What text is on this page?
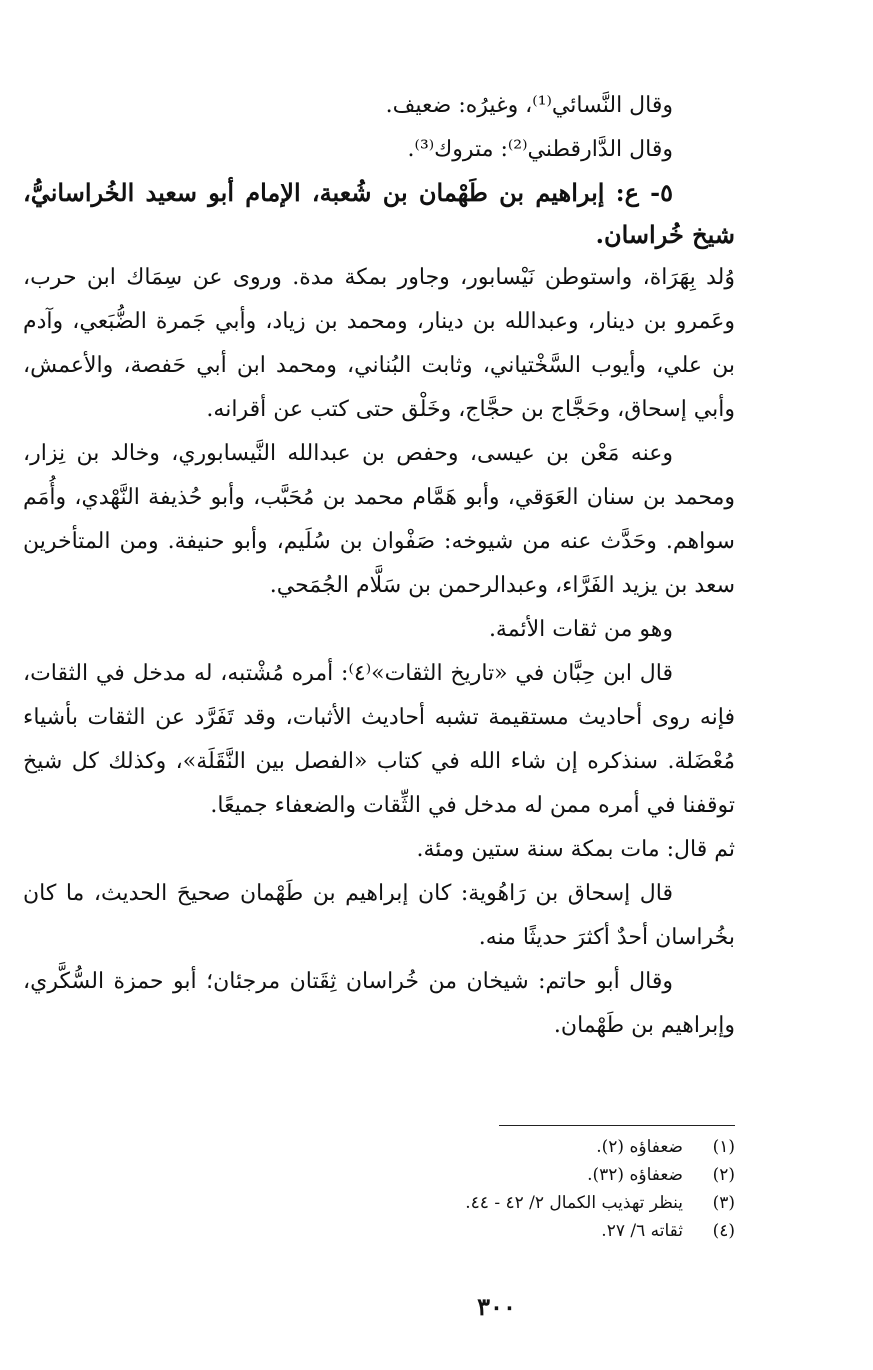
وقال النَّسائي⁽¹⁾، وغيرُه: ضعيف.

وقال الدَّارقطني⁽²⁾: متروك⁽³⁾.

٥- ع: إبراهيم بن طَهْمان بن شُعبة، الإمام أبو سعيد الخُراسانيُّ، شيخ خُراسان.

وُلد بِهَرَاة، واستوطن نَيْسابور، وجاور بمكة مدة. وروى عن سِمَاك ابن حرب، وعَمرو بن دينار، وعبدالله بن دينار، ومحمد بن زياد، وأبي جَمرة الضُّبَعي، وآدم بن علي، وأيوب السَّخْتياني، وثابت البُناني، ومحمد ابن أبي حَفصة، والأعمش، وأبي إسحاق، وحَجَّاج بن حجَّاج، وخَلْق حتى كتب عن أقرانه.

وعنه مَعْن بن عيسى، وحفص بن عبدالله النَّيسابوري، وخالد بن نِزار، ومحمد بن سنان العَوَقي، وأبو هَمَّام محمد بن مُحَبَّب، وأبو حُذيفة النَّهْدي، وأُمَم سواهم. وحَدَّث عنه من شيوخه: صَفْوان بن سُلَيم، وأبو حنيفة. ومن المتأخرين سعد بن يزيد الفَرَّاء، وعبدالرحمن بن سَلَّام الجُمَحي.

وهو من ثقات الأئمة.

قال ابن حِبَّان في «تاريخ الثقات»⁽٤⁾: أمره مُشْتبه، له مدخل في الثقات، فإنه روى أحاديث مستقيمة تشبه أحاديث الأثبات، وقد تَفَرَّد عن الثقات بأشياء مُعْضَلة. سنذكره إن شاء الله في كتاب «الفصل بين النَّقَلَة»، وكذلك كل شيخ توقفنا في أمره ممن له مدخل في الثِّقات والضعفاء جميعًا.

ثم قال: مات بمكة سنة ستين ومئة.

قال إسحاق بن رَاهُوية: كان إبراهيم بن طَهْمان صحيحَ الحديث، ما كان بخُراسان أحدٌ أكثرَ حديثًا منه.

وقال أبو حاتم: شيخان من خُراسان ثِقَتان مرجئان؛ أبو حمزة السُّكَّري، وإبراهيم بن طَهْمان.

(١)
ضعفاؤه (٢).
(٢)
ضعفاؤه (٣٢).
(٣)
ينظر تهذيب الكمال ٢/ ٤٢ - ٤٤.
(٤)
ثقاته ٦/ ٢٧.
٣٠٠
